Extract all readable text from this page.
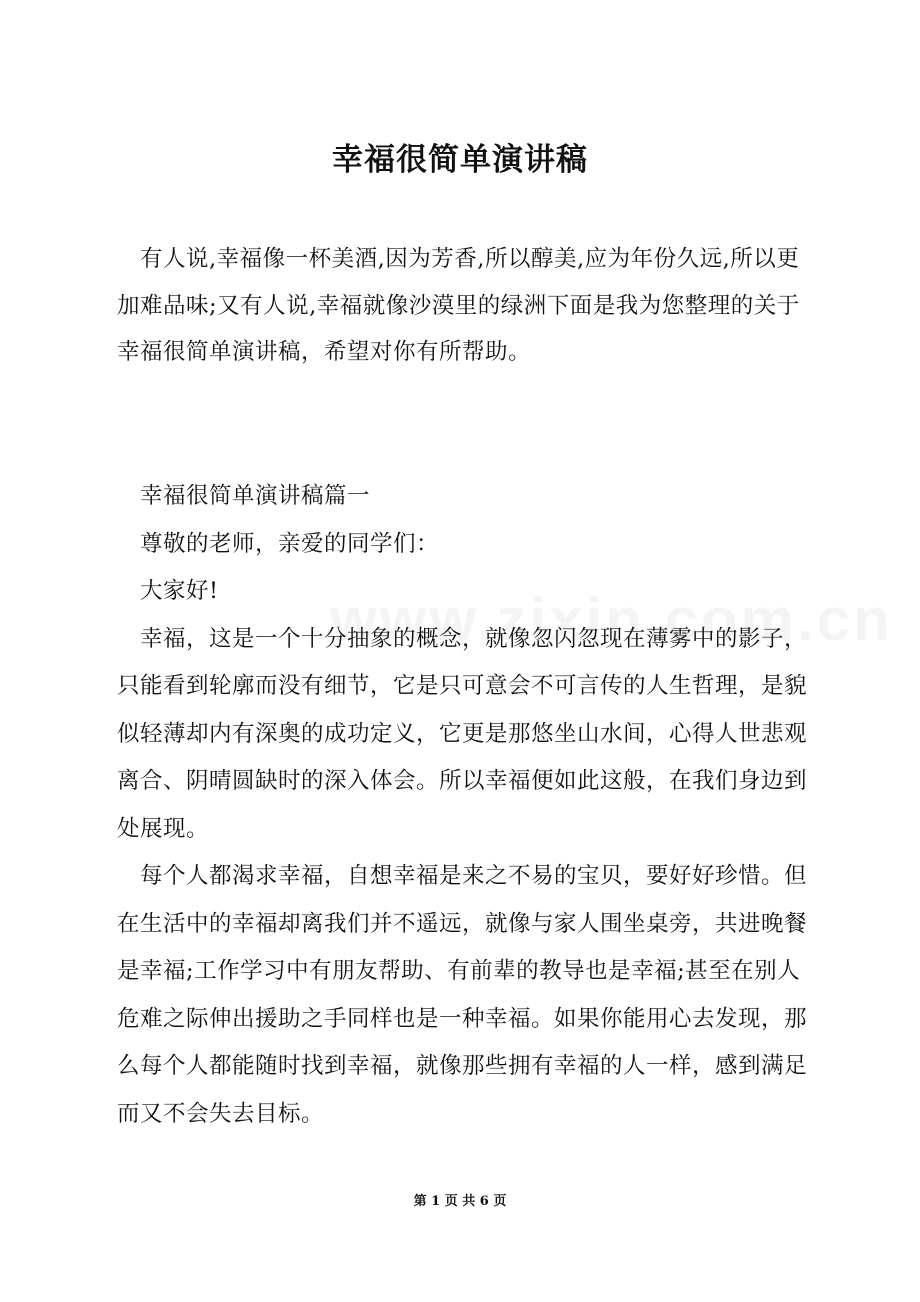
幸福很简单演讲稿

有人说,幸福像一杯美酒,因为芳香,所以醇美,应为年份久远,所以更加难品味;又有人说,幸福就像沙漠里的绿洲下面是我为您整理的关于幸福很简单演讲稿，希望对你有所帮助。

幸福很简单演讲稿篇一

尊敬的老师，亲爱的同学们：

大家好!

幸福，这是一个十分抽象的概念，就像忽闪忽现在薄雾中的影子，只能看到轮廓而没有细节，它是只可意会不可言传的人生哲理，是貌似轻薄却内有深奥的成功定义，它更是那悠坐山水间，心得人世悲观离合、阴晴圆缺时的深入体会。所以幸福便如此这般，在我们身边到处展现。

每个人都渴求幸福，自想幸福是来之不易的宝贝，要好好珍惜。但在生活中的幸福却离我们并不遥远，就像与家人围坐桌旁，共进晚餐是幸福;工作学习中有朋友帮助、有前辈的教导也是幸福;甚至在别人危难之际伸出援助之手同样也是一种幸福。如果你能用心去发现，那么每个人都能随时找到幸福，就像那些拥有幸福的人一样，感到满足而又不会失去目标。

第 1 页 共 6 页
